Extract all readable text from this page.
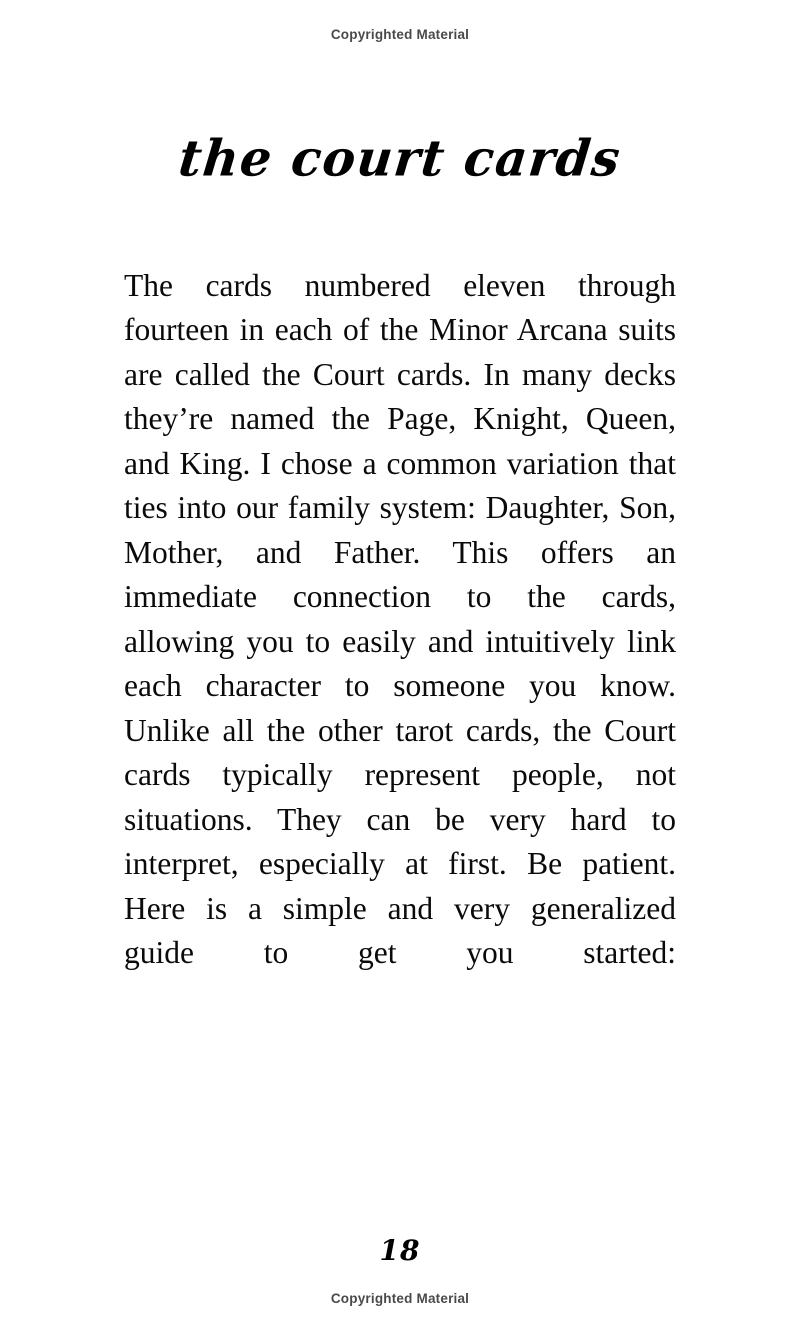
Copyrighted Material
the court cards

The cards numbered eleven through fourteen in each of the Minor Arcana suits are called the Court cards. In many decks they’re named the Page, Knight, Queen, and King. I chose a common variation that ties into our family system: Daughter, Son, Mother, and Father. This offers an immediate connection to the cards, allowing you to easily and intuitively link each character to someone you know. Unlike all the other tarot cards, the Court cards typically represent people, not situations. They can be very hard to interpret, especially at first. Be patient. Here is a simple and very generalized guide to get you started:

18
Copyrighted Material
